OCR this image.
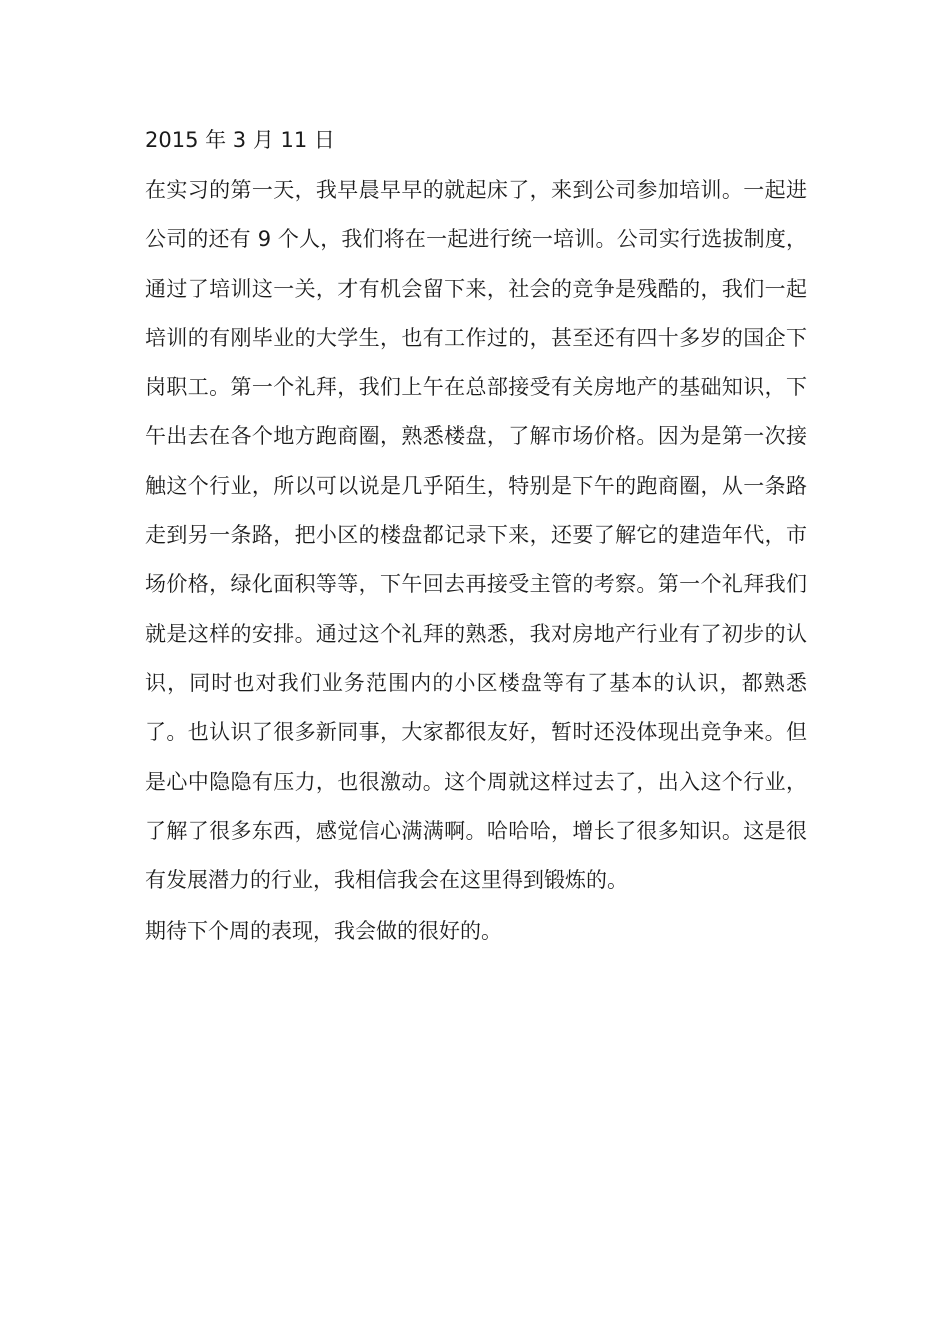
2015 年 3 月 11 日

在实习的第一天，我早晨早早的就起床了，来到公司参加培训。一起进公司的还有 9 个人，我们将在一起进行统一培训。公司实行选拔制度，通过了培训这一关，才有机会留下来，社会的竞争是残酷的，我们一起培训的有刚毕业的大学生，也有工作过的，甚至还有四十多岁的国企下岗职工。第一个礼拜，我们上午在总部接受有关房地产的基础知识，下午出去在各个地方跑商圈，熟悉楼盘，了解市场价格。因为是第一次接触这个行业，所以可以说是几乎陌生，特别是下午的跑商圈，从一条路走到另一条路，把小区的楼盘都记录下来，还要了解它的建造年代，市场价格，绿化面积等等，下午回去再接受主管的考察。第一个礼拜我们就是这样的安排。通过这个礼拜的熟悉，我对房地产行业有了初步的认识，同时也对我们业务范围内的小区楼盘等有了基本的认识，都熟悉了。也认识了很多新同事，大家都很友好，暂时还没体现出竞争来。但是心中隐隐有压力，也很激动。这个周就这样过去了，出入这个行业，了解了很多东西，感觉信心满满啊。哈哈哈，增长了很多知识。这是很有发展潜力的行业，我相信我会在这里得到锻炼的。

期待下个周的表现，我会做的很好的。
